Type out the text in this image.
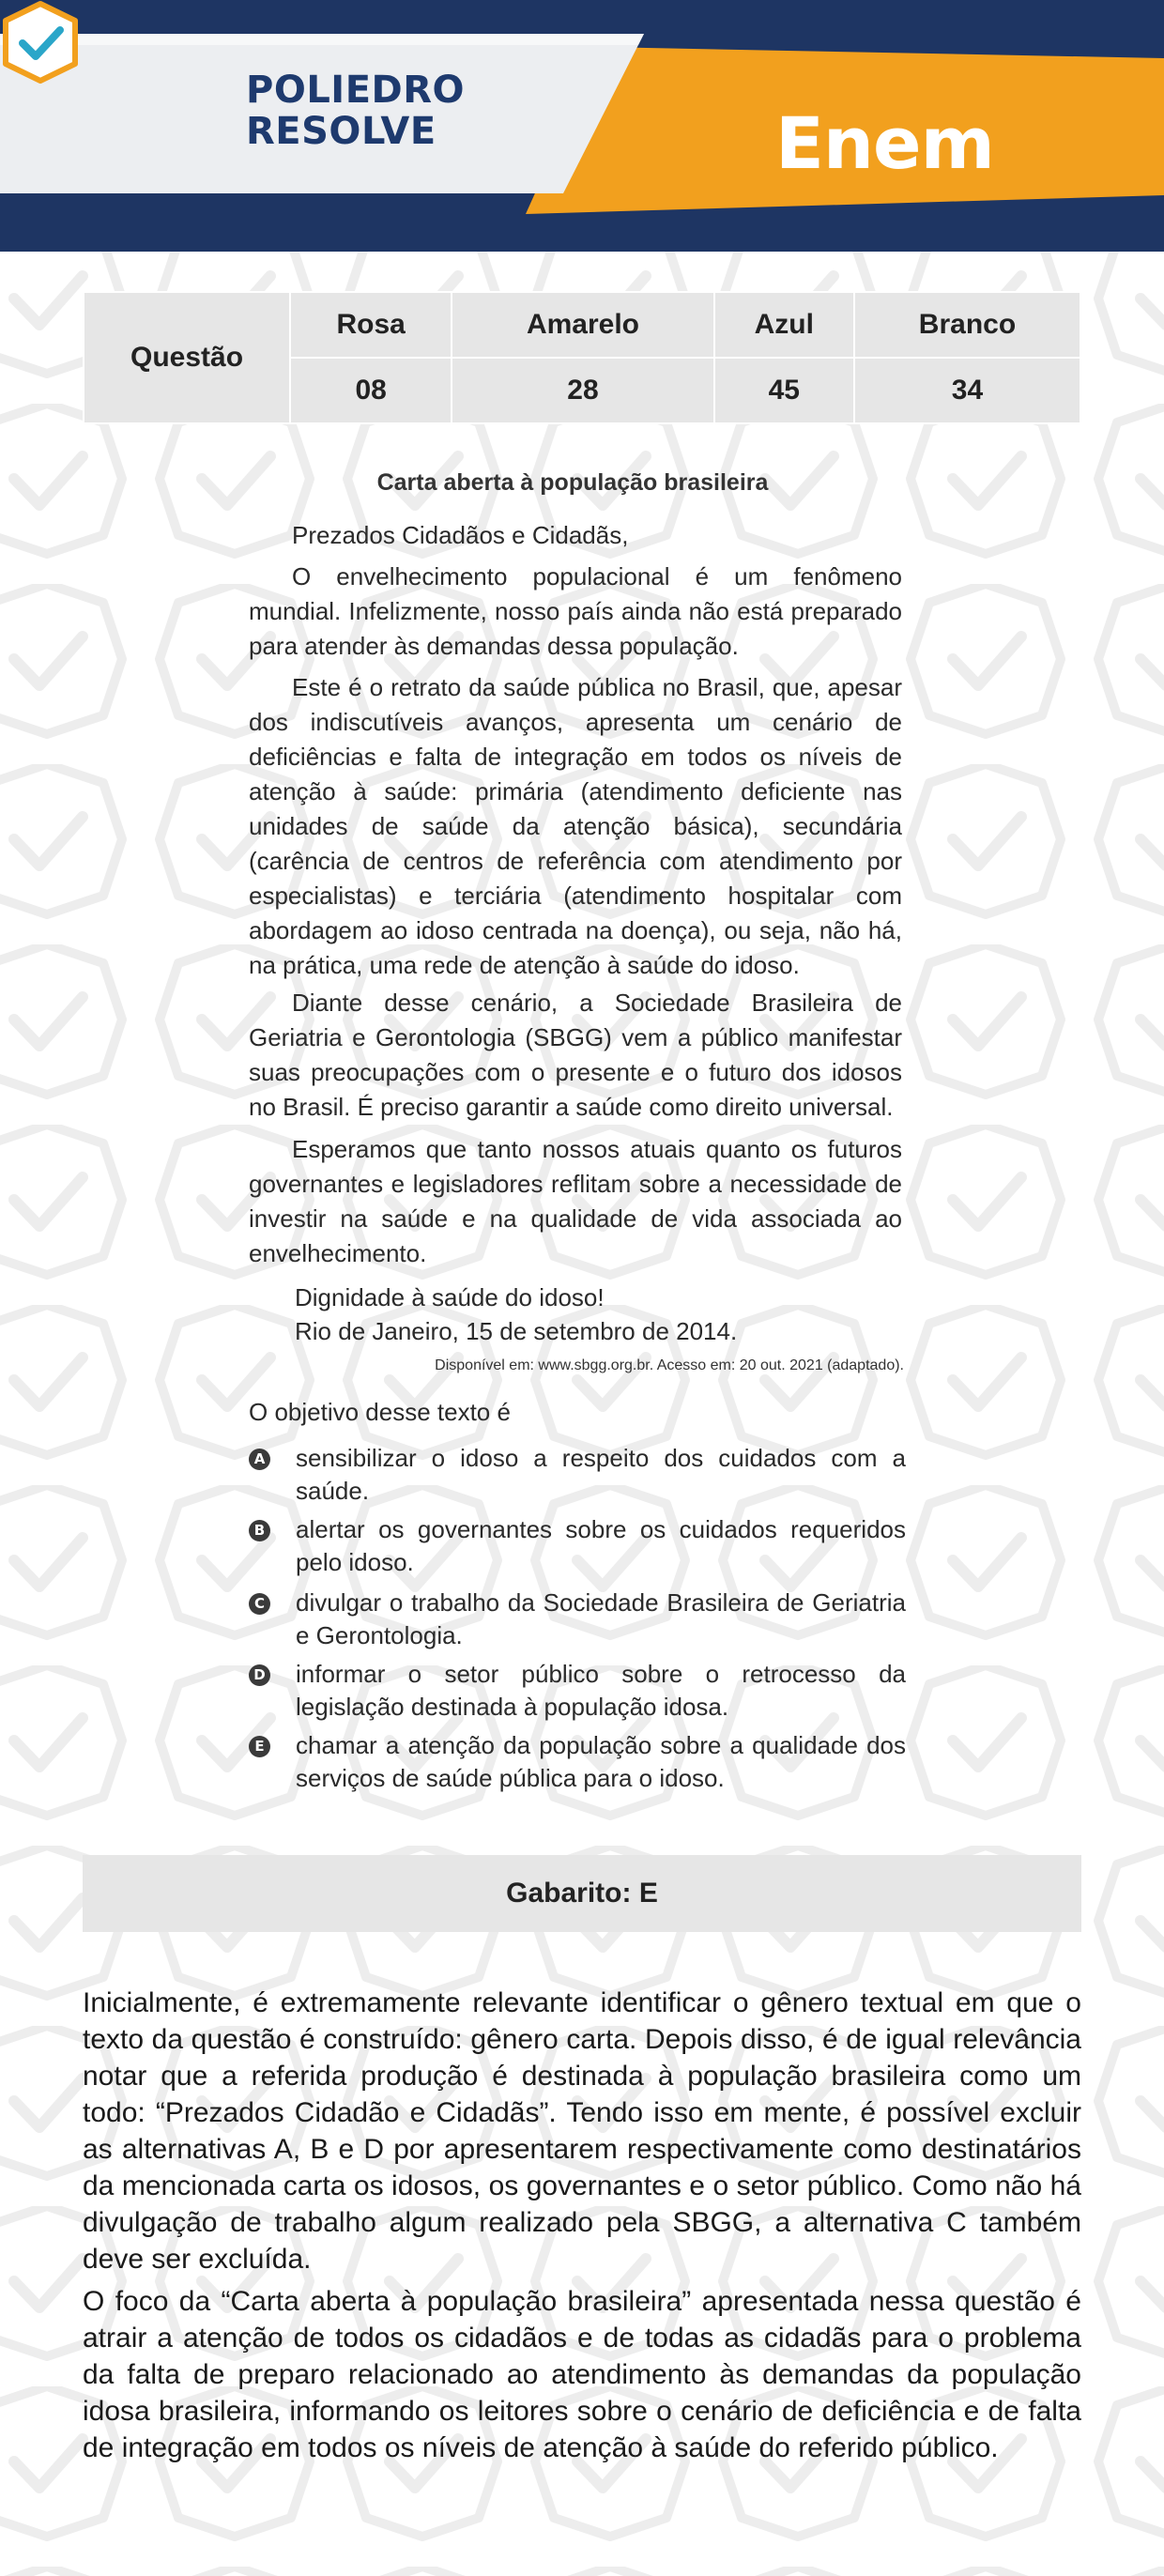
POLIEDRO
RESOLVE	Enem
Questão	Rosa	Amarelo	Azul	Branco
	08	28	45	34
Carta aberta à população brasileira
Prezados Cidadãos e Cidadãs,
O envelhecimento populacional é um fenômeno mundial. Infelizmente, nosso país ainda não está preparado para atender às demandas dessa população.
Este é o retrato da saúde pública no Brasil, que, apesar dos indiscutíveis avanços, apresenta um cenário de deficiências e falta de integração em todos os níveis de atenção à saúde: primária (atendimento deficiente nas unidades de saúde da atenção básica), secundária (carência de centros de referência com atendimento por especialistas) e terciária (atendimento hospitalar com abordagem ao idoso centrada na doença), ou seja, não há, na prática, uma rede de atenção à saúde do idoso.
Diante desse cenário, a Sociedade Brasileira de Geriatria e Gerontologia (SBGG) vem a público manifestar suas preocupações com o presente e o futuro dos idosos no Brasil. É preciso garantir a saúde como direito universal.
Esperamos que tanto nossos atuais quanto os futuros governantes e legisladores reflitam sobre a necessidade de investir na saúde e na qualidade de vida associada ao envelhecimento.
Dignidade à saúde do idoso!
Rio de Janeiro, 15 de setembro de 2014.
Disponível em: www.sbgg.org.br. Acesso em: 20 out. 2021 (adaptado).
O objetivo desse texto é
A sensibilizar o idoso a respeito dos cuidados com a saúde.
B alertar os governantes sobre os cuidados requeridos pelo idoso.
C divulgar o trabalho da Sociedade Brasileira de Geriatria e Gerontologia.
D informar o setor público sobre o retrocesso da legislação destinada à população idosa.
E chamar a atenção da população sobre a qualidade dos serviços de saúde pública para o idoso.
Gabarito: E
Inicialmente, é extremamente relevante identificar o gênero textual em que o texto da questão é construído: gênero carta. Depois disso, é de igual relevância notar que a referida produção é destinada à população brasileira como um todo: “Prezados Cidadão e Cidadãs”. Tendo isso em mente, é possível excluir as alternativas A, B e D por apresentarem respectivamente como destinatários da mencionada carta os idosos, os governantes e o setor público. Como não há divulgação de trabalho algum realizado pela SBGG, a alternativa C também deve ser excluída.
O foco da “Carta aberta à população brasileira” apresentada nessa questão é atrair a atenção de todos os cidadãos e de todas as cidadãs para o problema da falta de preparo relacionado ao atendimento às demandas da população idosa brasileira, informando os leitores sobre o cenário de deficiência e de falta de integração em todos os níveis de atenção à saúde do referido público.
